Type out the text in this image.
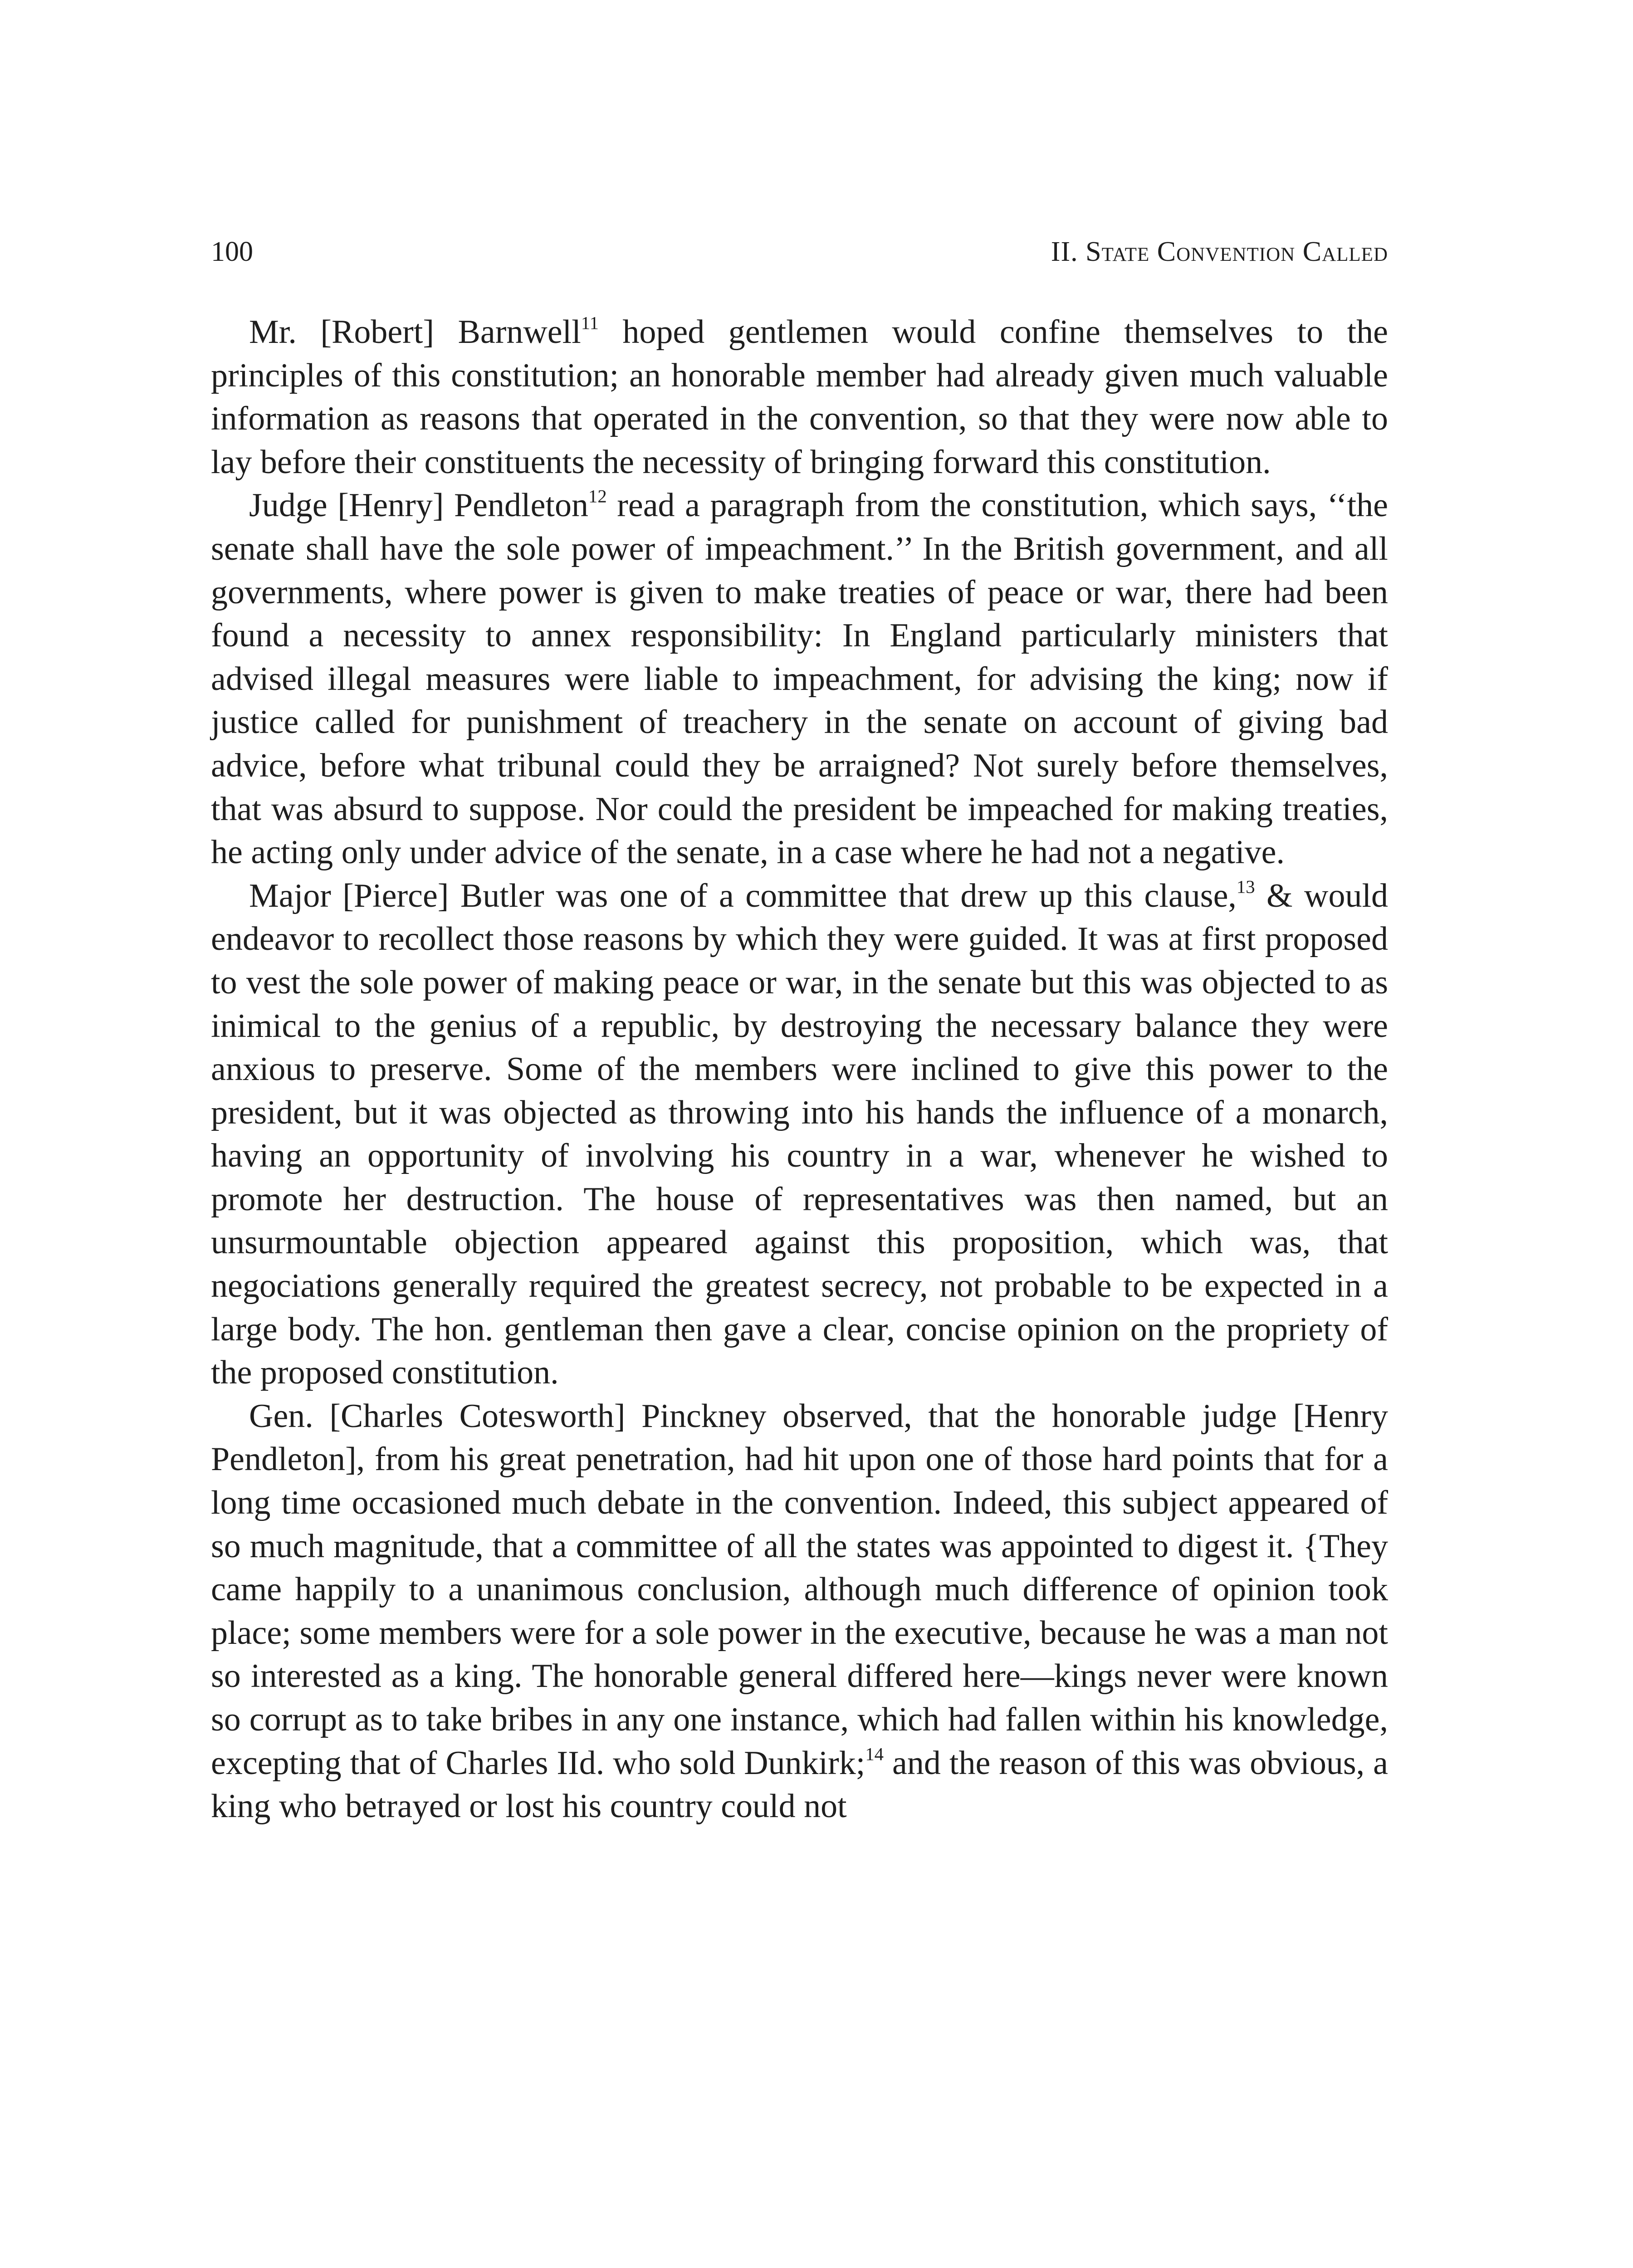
100	II. State Convention Called

Mr. [Robert] Barnwell$^{11}$ hoped gentlemen would confine themselves to the principles of this constitution; an honorable member had already given much valuable information as reasons that operated in the convention, so that they were now able to lay before their constituents the necessity of bringing forward this constitution.

Judge [Henry] Pendleton$^{12}$ read a paragraph from the constitution, which says, ‘‘the senate shall have the sole power of impeachment.’’ In the British government, and all governments, where power is given to make treaties of peace or war, there had been found a necessity to annex responsibility: In England particularly ministers that advised illegal measures were liable to impeachment, for advising the king; now if justice called for punishment of treachery in the senate on account of giving bad advice, before what tribunal could they be arraigned? Not surely before themselves, that was absurd to suppose. Nor could the president be impeached for making treaties, he acting only under advice of the senate, in a case where he had not a negative.

Major [Pierce] Butler was one of a committee that drew up this clause,$^{13}$ & would endeavor to recollect those reasons by which they were guided. It was at first proposed to vest the sole power of making peace or war, in the senate but this was objected to as inimical to the genius of a republic, by destroying the necessary balance they were anxious to preserve. Some of the members were inclined to give this power to the president, but it was objected as throwing into his hands the influence of a monarch, having an opportunity of involving his country in a war, whenever he wished to promote her destruction. The house of representatives was then named, but an unsurmountable objection appeared against this proposition, which was, that negociations generally required the greatest secrecy, not probable to be expected in a large body. The hon. gentleman then gave a clear, concise opinion on the propriety of the proposed constitution.

Gen. [Charles Cotesworth] Pinckney observed, that the honorable judge [Henry Pendleton], from his great penetration, had hit upon one of those hard points that for a long time occasioned much debate in the convention. Indeed, this subject appeared of so much magnitude, that a committee of all the states was appointed to digest it. {They came happily to a unanimous conclusion, although much difference of opinion took place; some members were for a sole power in the executive, because he was a man not so interested as a king. The honorable general differed here—kings never were known so corrupt as to take bribes in any one instance, which had fallen within his knowledge, excepting that of Charles IId. who sold Dunkirk;$^{14}$ and the reason of this was obvious, a king who betrayed or lost his country could not
